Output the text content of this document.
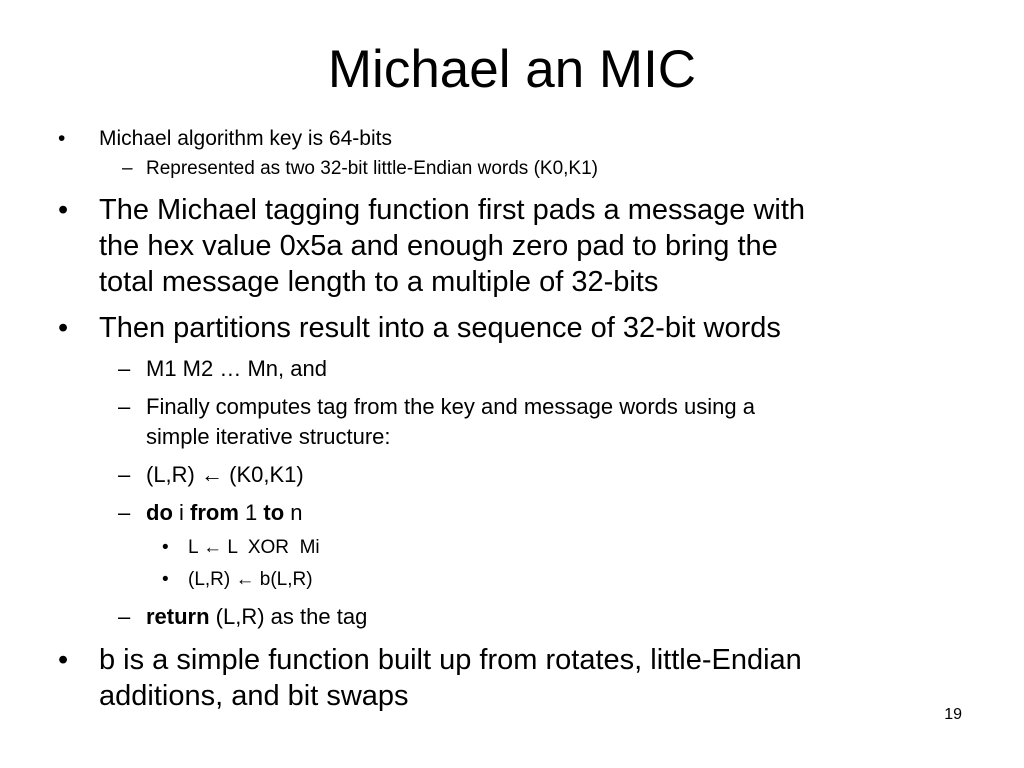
Michael an MIC
• Michael algorithm key is 64-bits
– Represented as two 32-bit little-Endian words (K0,K1)
• The Michael tagging function first pads a message with
the hex value 0x5a and enough zero pad to bring the
total message length to a multiple of 32-bits
• Then partitions result into a sequence of 32-bit words
– M1 M2 … Mn, and
– Finally computes tag from the key and message words using a
simple iterative structure:
– (L,R) ← (K0,K1)
– do i from 1 to n
• L ← L  XOR  Mi
• (L,R) ← b(L,R)
– return (L,R) as the tag
• b is a simple function built up from rotates, little-Endian
additions, and bit swaps
19
